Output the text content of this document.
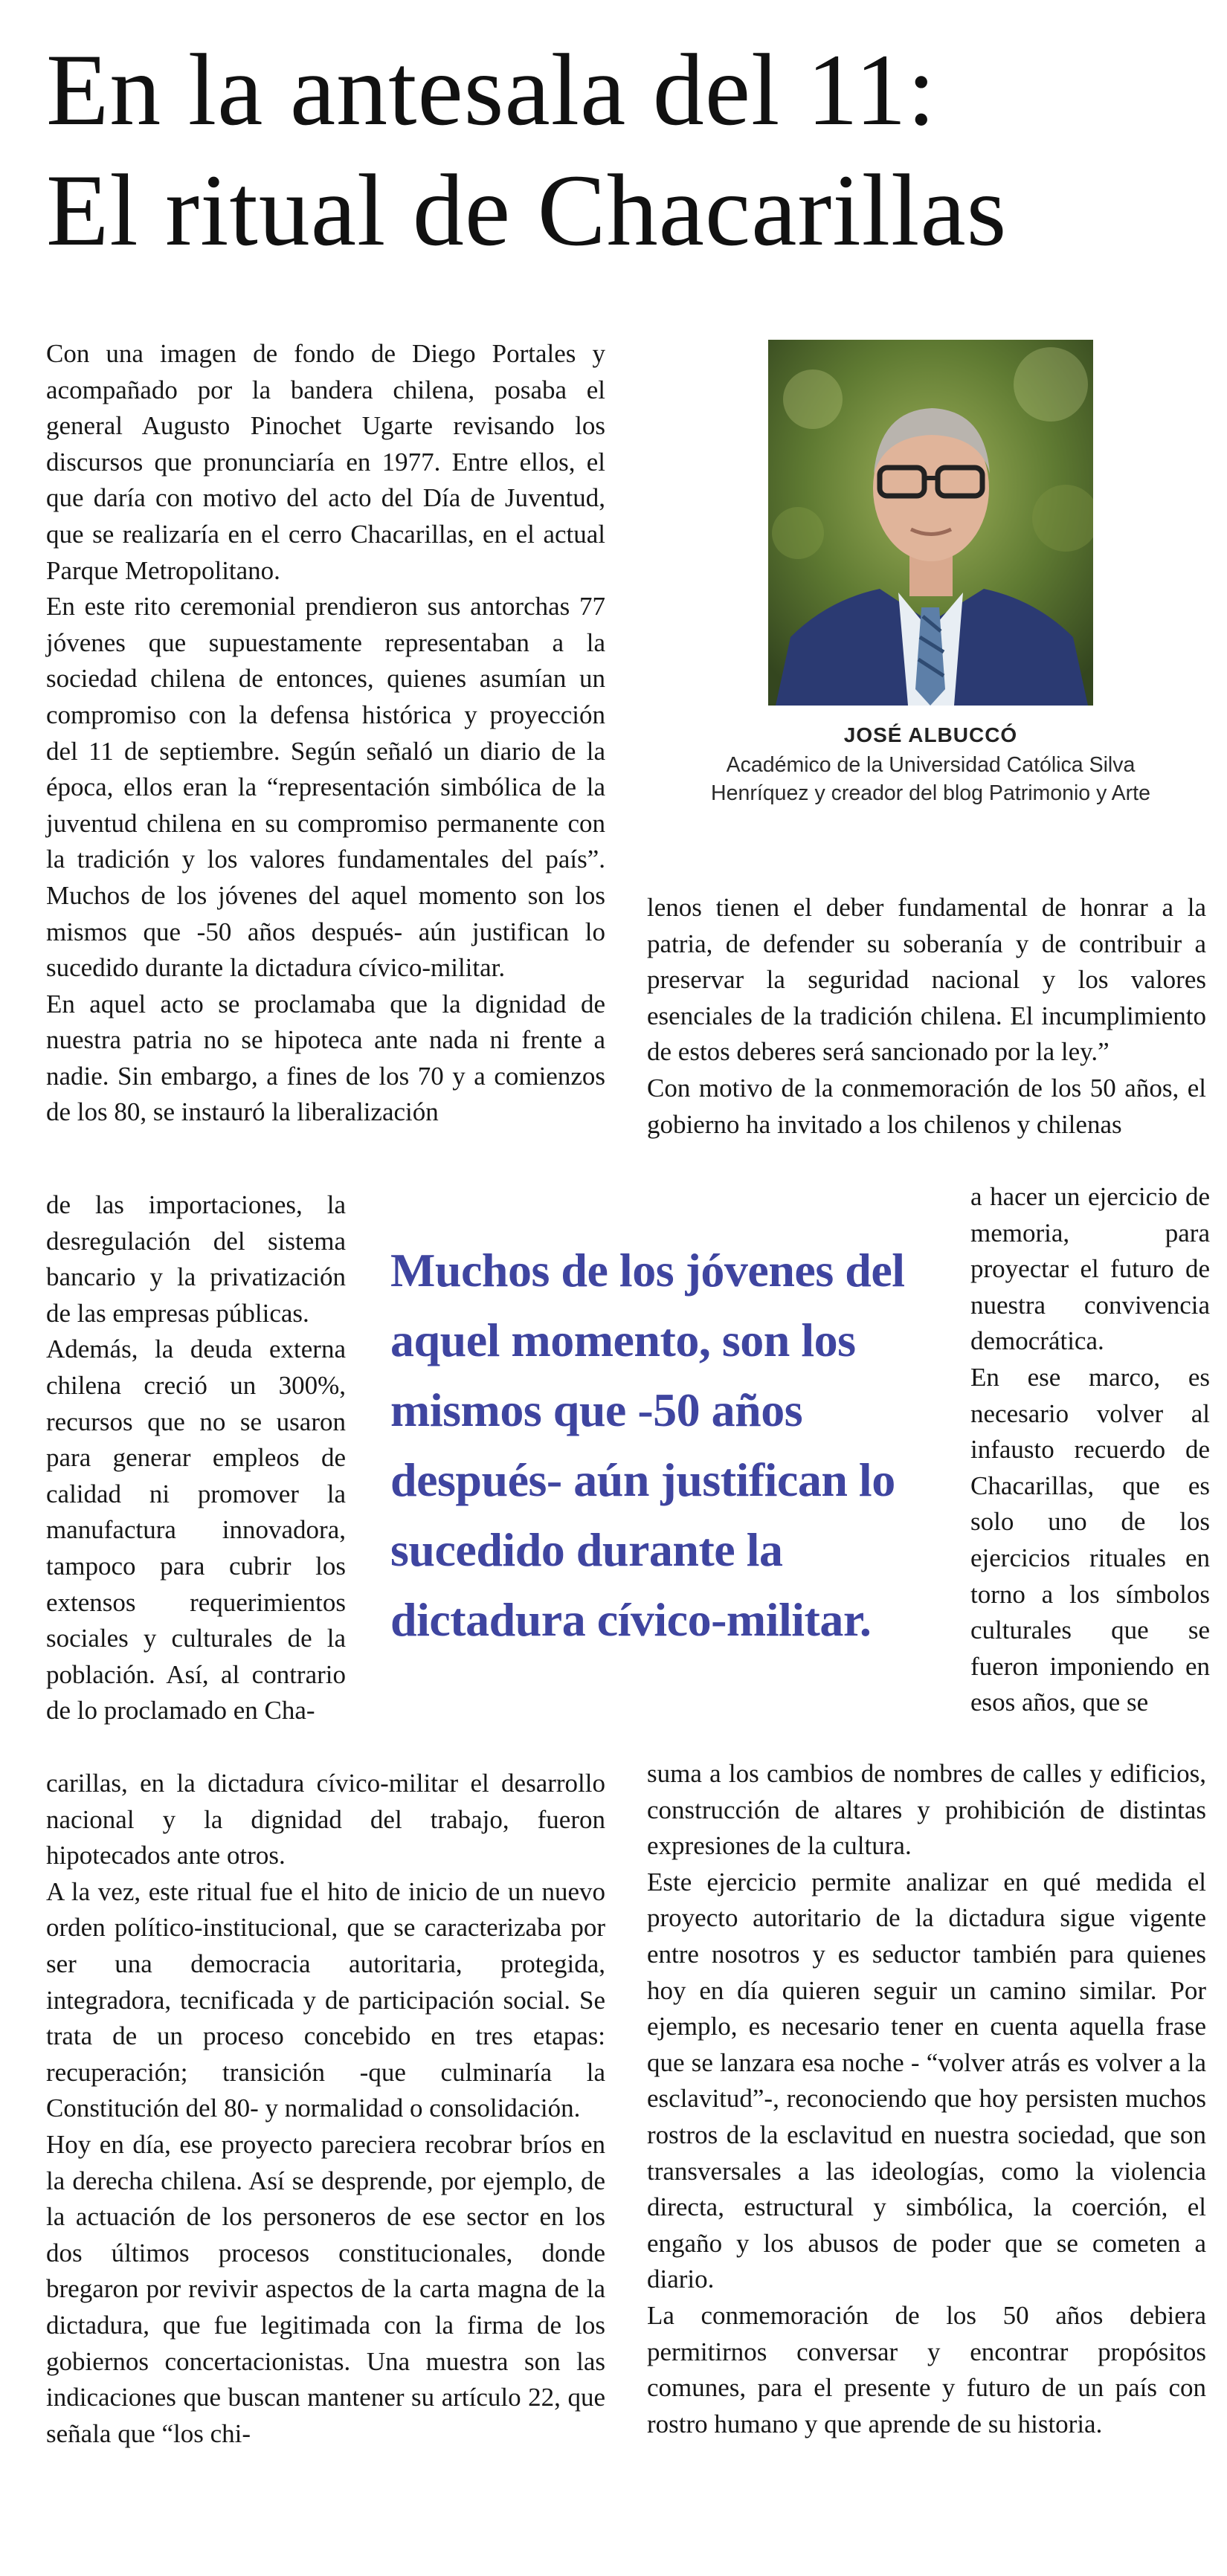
En la antesala del 11:
El ritual de Chacarillas

Con una imagen de fondo de Diego Portales y acompañado por la bandera chilena, posaba el general Augusto Pinochet Ugarte revisando los discursos que pronunciaría en 1977. Entre ellos, el que daría con motivo del acto del Día de Juventud, que se realizaría en el cerro Chacarillas, en el actual Parque Metropolitano.

En este rito ceremonial prendieron sus antorchas 77 jóvenes que supuestamente representaban a la sociedad chilena de entonces, quienes asumían un compromiso con la defensa histórica y proyección del 11 de septiembre. Según señaló un diario de la época, ellos eran la “representación simbólica de la juventud chilena en su compromiso permanente con la tradición y los valores fundamentales del país”. Muchos de los jóvenes del aquel momento son los mismos que -50 años después- aún justifican lo sucedido durante la dictadura cívico-militar.

En aquel acto se proclamaba que la dignidad de nuestra patria no se hipoteca ante nada ni frente a nadie. Sin embargo, a fines de los 70 y a comienzos de los 80, se instauró la liberalización

JOSÉ ALBUCCÓ
Académico de la Universidad Católica Silva
Henríquez y creador del blog Patrimonio y Arte

lenos tienen el deber fundamental de honrar a la patria, de defender su soberanía y de contribuir a preservar la seguridad nacional y los valores esenciales de la tradición chilena. El incumplimiento de estos deberes será sancionado por la ley.”

Con motivo de la conmemoración de los 50 años, el gobierno ha invitado a los chilenos y chilenas

de las importaciones, la desregulación del sistema bancario y la privatización de las empresas públicas.

Además, la deuda externa chilena creció un 300%, recursos que no se usaron para generar empleos de calidad ni promover la manufactura innovadora, tampoco para cubrir los extensos requerimientos sociales y culturales de la población. Así, al contrario de lo proclamado en Cha-

Muchos de los jóvenes del aquel momento, son los mismos que -50 años después- aún justifican lo sucedido durante la dictadura cívico-militar.

a hacer un ejercicio de memoria, para proyectar el futuro de nuestra convivencia democrática.

En ese marco, es necesario volver al infausto recuerdo de Chacarillas, que es solo uno de los ejercicios rituales en torno a los símbolos culturales que se fueron imponiendo en esos años, que se

carillas, en la dictadura cívico-militar el desarrollo nacional y la dignidad del trabajo, fueron hipotecados ante otros.

A la vez, este ritual fue el hito de inicio de un nuevo orden político-institucional, que se caracterizaba por ser una democracia autoritaria, protegida, integradora, tecnificada y de participación social. Se trata de un proceso concebido en tres etapas: recuperación; transición -que culminaría la Constitución del 80- y normalidad o consolidación.

Hoy en día, ese proyecto pareciera recobrar bríos en la derecha chilena. Así se desprende, por ejemplo, de la actuación de los personeros de ese sector en los dos últimos procesos constitucionales, donde bregaron por revivir aspectos de la carta magna de la dictadura, que fue legitimada con la firma de los gobiernos concertacionistas. Una muestra son las indicaciones que buscan mantener su artículo 22, que señala que “los chi-

suma a los cambios de nombres de calles y edificios, construcción de altares y prohibición de distintas expresiones de la cultura.

Este ejercicio permite analizar en qué medida el proyecto autoritario de la dictadura sigue vigente entre nosotros y es seductor también para quienes hoy en día quieren seguir un camino similar. Por ejemplo, es necesario tener en cuenta aquella frase que se lanzara esa noche - “volver atrás es volver a la esclavitud”-, reconociendo que hoy persisten muchos rostros de la esclavitud en nuestra sociedad, que son transversales a las ideologías, como la violencia directa, estructural y simbólica, la coerción, el engaño y los abusos de poder que se cometen a diario.

La conmemoración de los 50 años debiera permitirnos conversar y encontrar propósitos comunes, para el presente y futuro de un país con rostro humano y que aprende de su historia.
